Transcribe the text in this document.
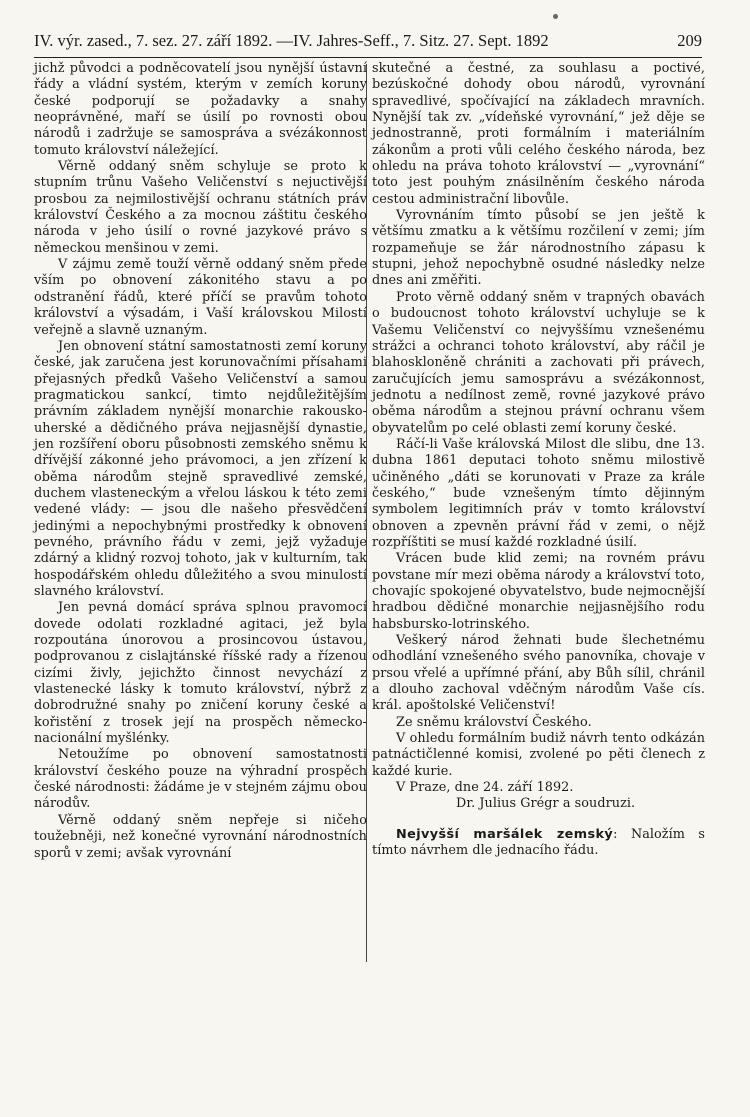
IV. výr. zased., 7. sez. 27. září 1892. —IV. Jahres-Seff., 7. Sitz. 27. Sept. 1892	209

jichž původci a podněcovatelí jsou nynější ústavní řády a vládní systém, kterým v zemích koruny české podporují se požadavky a snahy neoprávněné, maří se úsilí po rovnosti obou národů i zadržuje se samospráva a svézákonnost tomuto království náležející.

Věrně oddaný sněm schyluje se proto k stupním trůnu Vašeho Veličenství s nejuctivější prosbou za nejmilostivější ochranu státních práv království Českého a za mocnou záštitu českého národa v jeho úsilí o rovné jazykové právo s německou menšinou v zemi.

V zájmu země touží věrně oddaný sněm přede vším po obnovení zákonitého stavu a po odstranění řádů, které příčí se pravům tohoto království a výsadám, i Vaší královskou Milostí veřejně a slavně uznaným.

Jen obnovení státní samostatnosti zemí koruny české, jak zaručena jest korunovačními přísahami přejasných předků Vašeho Veličenství a samou pragmatickou sankcí, timto nejdůležitějším právním základem nynější monarchie rakousko-uherské a dědičného práva nejjasnější dynastie, jen rozšíření oboru působnosti zemského sněmu k dřívější zákonné jeho právomoci, a jen zřízení k oběma národům stejně spravedlivé zemské, duchem vlasteneckým a vřelou láskou k této zemi vedené vlády: — jsou dle našeho přesvědčení jedinými a nepochybnými prostředky k obnovení pevného, právního řádu v zemi, jejž vyžaduje zdárný a klidný rozvoj tohoto, jak v kulturním, tak hospodářském ohledu důležitého a svou minulostí slavného království.

Jen pevná domácí správa splnou pravomocí dovede odolati rozkladné agitaci, jež byla rozpoutána únorovou a prosincovou ústavou, podprovanou z cislajtánské říšské rady a řízenou cizími živly, jejichžto činnost nevychází z vlastenecké lásky k tomuto království, nýbrž z dobrodružné snahy po zničení koruny české a kořistění z trosek její na prospěch německo-nacionální myšlénky.

Netoužíme po obnovení samostatnosti království českého pouze na výhradní prospěch české národnosti: žádáme je v stejném zájmu obou národův.

Věrně oddaný sněm nepřeje si ničeho toužebněji, než konečné vyrovnání národnostních sporů v zemi; avšak vyrovnání

skutečné a čestné, za souhlasu a poctivé, bezúskočné dohody obou národů, vyrovnání spravedlivé, spočívající na základech mravních. Nynější tak zv. „vídeňské vyrovnání,“ jež děje se jednostranně, proti formálním i materiálním zákonům a proti vůli celého českého národa, bez ohledu na práva tohoto království — „vyrovnání“ toto jest pouhým znásilněním českého národa cestou administrační libovůle.

Vyrovnáním tímto působí se jen ještě k většímu zmatku a k většímu rozčilení v zemi; jím rozpameňuje se žár národnostního zápasu k stupni, jehož nepochybně osudné následky nelze dnes ani změřiti.

Proto věrně oddaný sněm v trapných obavách o budoucnost tohoto království uchyluje se k Vašemu Veličenství co nejvyššímu vznešenému strážci a ochranci tohoto království, aby ráčil je blahoskloněně chrániti a zachovati při právech, zaručujících jemu samosprávu a svézákonnost, jednotu a nedílnost země, rovné jazykové právo oběma národům a stejnou právní ochranu všem obyvatelům po celé oblasti zemí koruny české.

Ráčí-li Vaše královská Milost dle slibu, dne 13. dubna 1861 deputaci tohoto sněmu milostivě učiněného „dáti se korunovati v Praze za krále českého,“ bude vznešeným tímto dějinným symbolem legitimních práv v tomto království obnoven a zpevněn právní řád v zemi, o nějž rozpříštiti se musí každé rozkladné úsilí.

Vrácen bude klid zemi; na rovném právu povstane mír mezi oběma národy a království toto, chovajíc spokojené obyvatelstvo, bude nejmocnější hradbou dědičné monarchie nejjasnějšího rodu habsbursko-lotrinského.

Veškerý národ žehnati bude šlechetnému odhodlání vznešeného svého panovníka, chovaje v prsou vřelé a upřímné přání, aby Bůh sílil, chránil a dlouho zachoval vděčným národům Vaše cís. král. apoštolské Veličenství!

Ze sněmu království Českého.

V ohledu formálním budiž návrh tento odkázán patnáctičlenné komisi, zvolené po pěti členech z každé kurie.

V Praze, dne 24. září 1892.

Dr. Julius Grégr a soudruzi.

Nejvyšší maršálek zemský: Naložím s tímto návrhem dle jednacího řádu.
